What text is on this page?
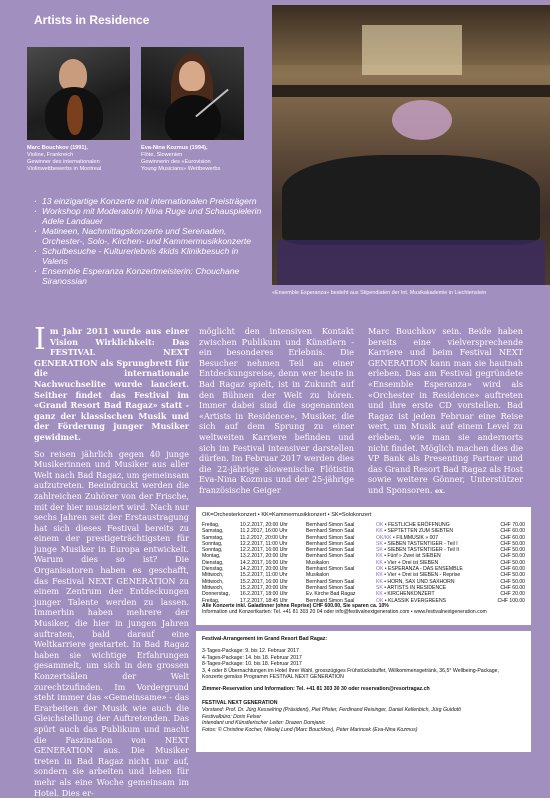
Artists in Residence
Marc Bouchkov (1991),
Violine, Frankreich
Gewinner des internationalen
Violinwettbewerbs in Montreal
Eva-Nina Kozmus (1994),
Flöte, Slowenien
Gewinnerin des «Eurovision
Young Musicians» Wettbewerbs
· 13 einzigartige Konzerte mit internationalen Preisträgern
· Workshop mit Moderatorin Nina Ruge und Schauspielerin Adele Landauer
· Matineen, Nachmittagskonzerte und Serenaden, Orchester-, Solo-, Kirchen- und Kammermusikkonzerte
· Schulbesuche - Kulturerlebnis 4kids Klinikbesuch in Valens
· Ensemble Esperanza Konzertmeisterin: Chouchane Siranossian
«Ensemble Esperanza» besteht aus Stipendiaten der Int. Musikakademie in Liechtenstein
I m Jahr 2011 wurde aus einer Vision Wirklichkeit: Das FESTIVAL NEXT GENERATION als Sprungbrett für die internationale Nachwuchselite wurde lanciert. Seither findet das Festival im «Grand Resort Bad Ragaz» statt - ganz der klassischen Musik und der Förderung junger Musiker gewidmet.
So reisen jährlich gegen 40 junge Musikerinnen und Musiker aus aller Welt nach Bad Ragaz, um gemeinsam aufzutreten. Beeindruckt werden die zahlreichen Zuhörer von der Frische, mit der hier musiziert wird. Nach nur sechs Jahren seit der Erstaustragung hat sich dieses Festival bereits zu einem der prestigeträchtigsten für junge Musiker in Europa entwickelt. Warum dies so ist? Die Organisatoren haben es geschafft, das Festival NEXT GENERATION zu einem Zentrum der Entdeckungen junger Talente werden zu lassen. Immerhin haben mehrere der Musiker, die hier in jungen Jahren auftraten, bald darauf eine Weltkarriere gestartet. In Bad Ragaz haben sie wichtige Erfahrungen gesammelt, um sich in den grossen Konzertsälen der Welt zurechtzufinden. Im Vordergrund steht immer das «Gemeinsame» - das Erarbeiten der Musik wie auch die Gleichstellung der Auftretenden. Das spürt auch das Publikum und macht die Faszination von NEXT GENERATION aus. Die Musiker treten in Bad Ragaz nicht nur auf, sondern sie arbeiten und leben für mehr als eine Woche gemeinsam im Hotel. Dies er-
möglicht den intensiven Kontakt zwischen Publikum und Künstlern - ein besonderes Erlebnis. Die Besucher nehmen Teil an einer Entdeckungsreise, denn wer heute in Bad Ragaz spielt, ist in Zukunft auf den Bühnen der Welt zu hören. Immer dabei sind die sogenannten «Artists in Residence», Musiker, die sich auf dem Sprung zu einer weltweiten Karriere befinden und sich im Festival intensiver darstellen dürfen. Im Februar 2017 werden dies die 22-jährige slowenische Flötistin Eva-Nina Kozmus und der 25-jährige französische Geiger
Marc Bouchkov sein. Beide haben bereits eine vielversprechende Karriere und beim Festival NEXT GENERATION kann man sie hautnah erleben. Das am Festival gegründete «Ensemble Esperanza» wird als «Orchester in Residence» auftreten und ihre erste CD vorstellen. Bad Ragaz ist jeden Februar eine Reise wert, um Musik auf einem Level zu erleben, wie man sie andernorts nicht findet. Möglich machen dies die VP Bank als Presenting Partner und das Grand Resort Bad Ragaz als Host sowie weitere Gönner, Unterstützer und Sponsoren. ex.
OK=Orchesterkonzert • KK=Kammermusikkonzert • SK=Solokonzert
Freitag,	10.2.2017, 20:00 Uhr	Bernhard Simon Saal	OK • FESTLICHE ERÖFFNUNG	CHF 70.00
Samstag,	11.2.2017, 16:00 Uhr	Bernhard Simon Saal	KK • SEPTETTEN ZUM SIEBTEN	CHF 60.00
Samstag,	11.2.2017, 20:00 Uhr	Bernhard Simon Saal	OK/KK • FILMMUSIK » 007	CHF 60.00
Sonntag,	12.2.2017, 11:00 Uhr	Bernhard Simon Saal	SK • SIEBEN TASTENTIGER - Teil I	CHF 50.00
Sonntag,	12.2.2017, 16:00 Uhr	Bernhard Simon Saal	SK • SIEBEN TASTENTIGER - Teil II	CHF 50.00
Montag,	13.2.2017, 20:00 Uhr	Bernhard Simon Saal	KK • Fünf » Zwei ist SIEBEN	CHF 50.00
Dienstag,	14.2.2017, 16:00 Uhr	Musikalon	KK • Vier + Drei ist SIEBEN	CHF 50.00
Dienstag,	14.2.2017, 20:00 Uhr	Bernhard Simon Saal	OK • ESPERANZA - DAS ENSEMBLE	CHF 60.00
Mittwoch,	15.2.2017, 11:00 Uhr	Musikalon	KK • Vier + Drei ist SIEBEN - Reprise	CHF 50.00
Mittwoch,	15.2.2017, 16:00 Uhr	Bernhard Simon Saal	KK • HORN, SAX UND SAXHORN	CHF 50.00
Mittwoch,	15.2.2017, 20:00 Uhr	Bernhard Simon Saal	SK • ARTISTS IN RESIDENCE	CHF 60.00
Donnerstag,	16.2.2017, 18:00 Uhr	Ev. Kirche Bad Ragaz	KK • KIRCHENKONZERT	CHF 20.00
Freitag,	17.2.2017, 18:45 Uhr	Bernhard Simon Saal	OK • KLASSIK EVERGREENS	CHF 100.00
Alle Konzerte inkl. Galadinner (ohne Reprise) CHF 600.00, Sie sparen ca. 10%
Information und Konzertkarten: Tel. +41 81 303 20 04 oder info@festivalnextgeneration.com • www.festivalnextgeneration.com
Festival-Arrangement im Grand Resort Bad Ragaz:
3-Tages-Package: 9. bis 12. Februar 2017
4-Tages-Package: 14. bis 18. Februar 2017
8-Tages-Package: 10. bis 18. Februar 2017
3, 4 oder 8 Übernachtungen im Hotel Ihrer Wahl, grosszügiges Frühstücksbuffet, Willkommensgetränk, 36,5° Wellbeing-Package,
Konzerte gemäss Programm FESTIVAL NEXT GENERATION
Zimmer-Reservation und Information: Tel. +41 81 303 30 30 oder reservation@resortragaz.ch
FESTIVAL NEXT GENERATION
Vorstand: Prof. Dr. Jürg Kesselring (Präsident), Piet Pfister, Ferdinand Reisinger, Daniel Kellenbich, Jürg Guidotti
Festivalbüro: Doris Felser
Intendant und Künstlerischer Leiter: Drazen Domjanic
Fotos: © Christine Kocher, Nikolaj Lund (Marc Bouchkov), Peter Marincek (Eva-Nina Kozmus)
